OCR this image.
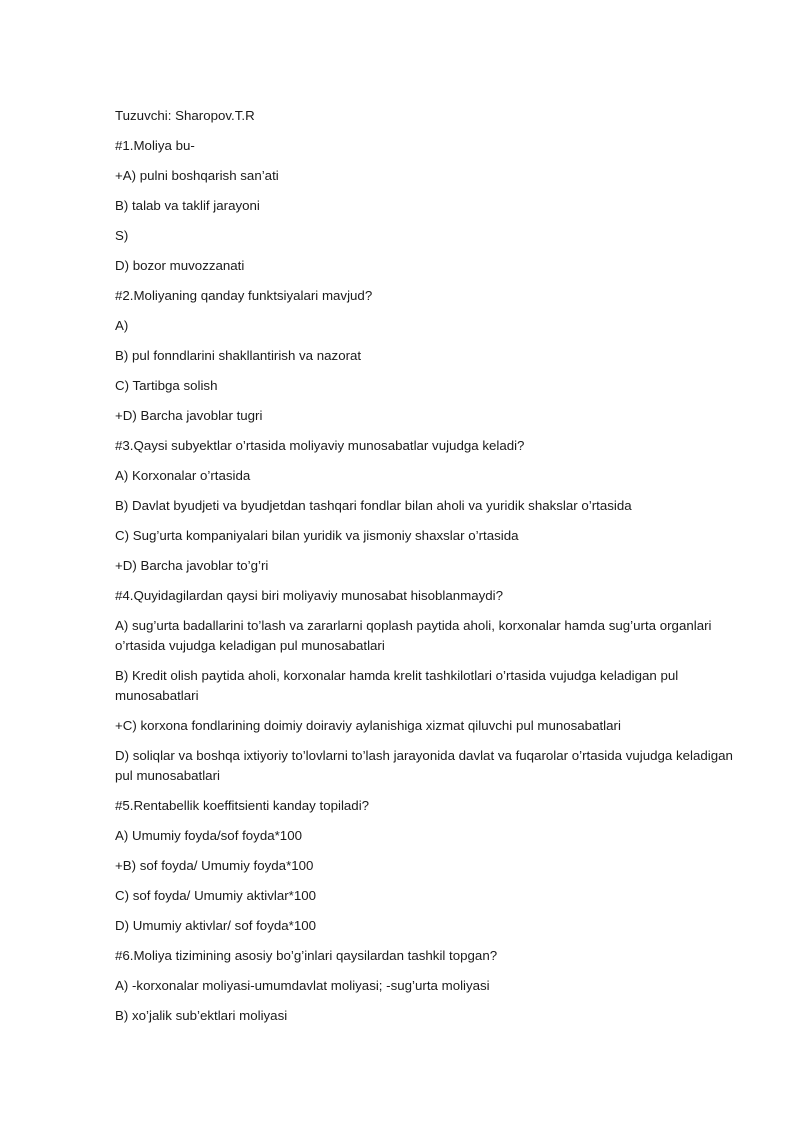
Tuzuvchi: Sharopov.T.R

#1.Moliya bu-

+A) pulni boshqarish san’ati

B) talab va taklif jarayoni

S)

D) bozor muvozzanati

#2.Moliyaning qanday funktsiyalari mavjud?

A)

B) pul fonndlarini shakllantirish va nazorat

C) Tartibga solish

+D) Barcha javoblar tugri

#3.Qaysi subyektlar o’rtasida moliyaviy munosabatlar vujudga keladi?

A) Korxonalar o’rtasida

B) Davlat byudjeti va byudjetdan tashqari fondlar bilan aholi va yuridik shakslar o’rtasida

C) Sug’urta kompaniyalari bilan yuridik va jismoniy shaxslar o’rtasida

+D) Barcha javoblar to’g’ri

#4.Quyidagilardan qaysi biri moliyaviy munosabat hisoblanmaydi?

A) sug’urta badallarini to’lash va zararlarni qoplash paytida aholi, korxonalar hamda sug’urta organlari o’rtasida vujudga keladigan pul munosabatlari

B) Kredit olish paytida aholi, korxonalar hamda krelit tashkilotlari o’rtasida vujudga keladigan pul munosabatlari

+C) korxona fondlarining doimiy doiraviy aylanishiga xizmat qiluvchi pul munosabatlari

D) soliqlar va boshqa ixtiyoriy to’lovlarni to’lash jarayonida davlat va fuqarolar o’rtasida vujudga keladigan pul munosabatlari

#5.Rentabellik koeffitsienti kanday topiladi?

A) Umumiy foyda/sof foyda*100

+B) sof foyda/ Umumiy foyda*100

C) sof foyda/ Umumiy aktivlar*100

D) Umumiy aktivlar/ sof foyda*100

#6.Moliya tizimining asosiy bo’g’inlari qaysilardan tashkil topgan?

A) -korxonalar moliyasi-umumdavlat moliyasi; -sug’urta moliyasi

B) xo’jalik sub’ektlari moliyasi
